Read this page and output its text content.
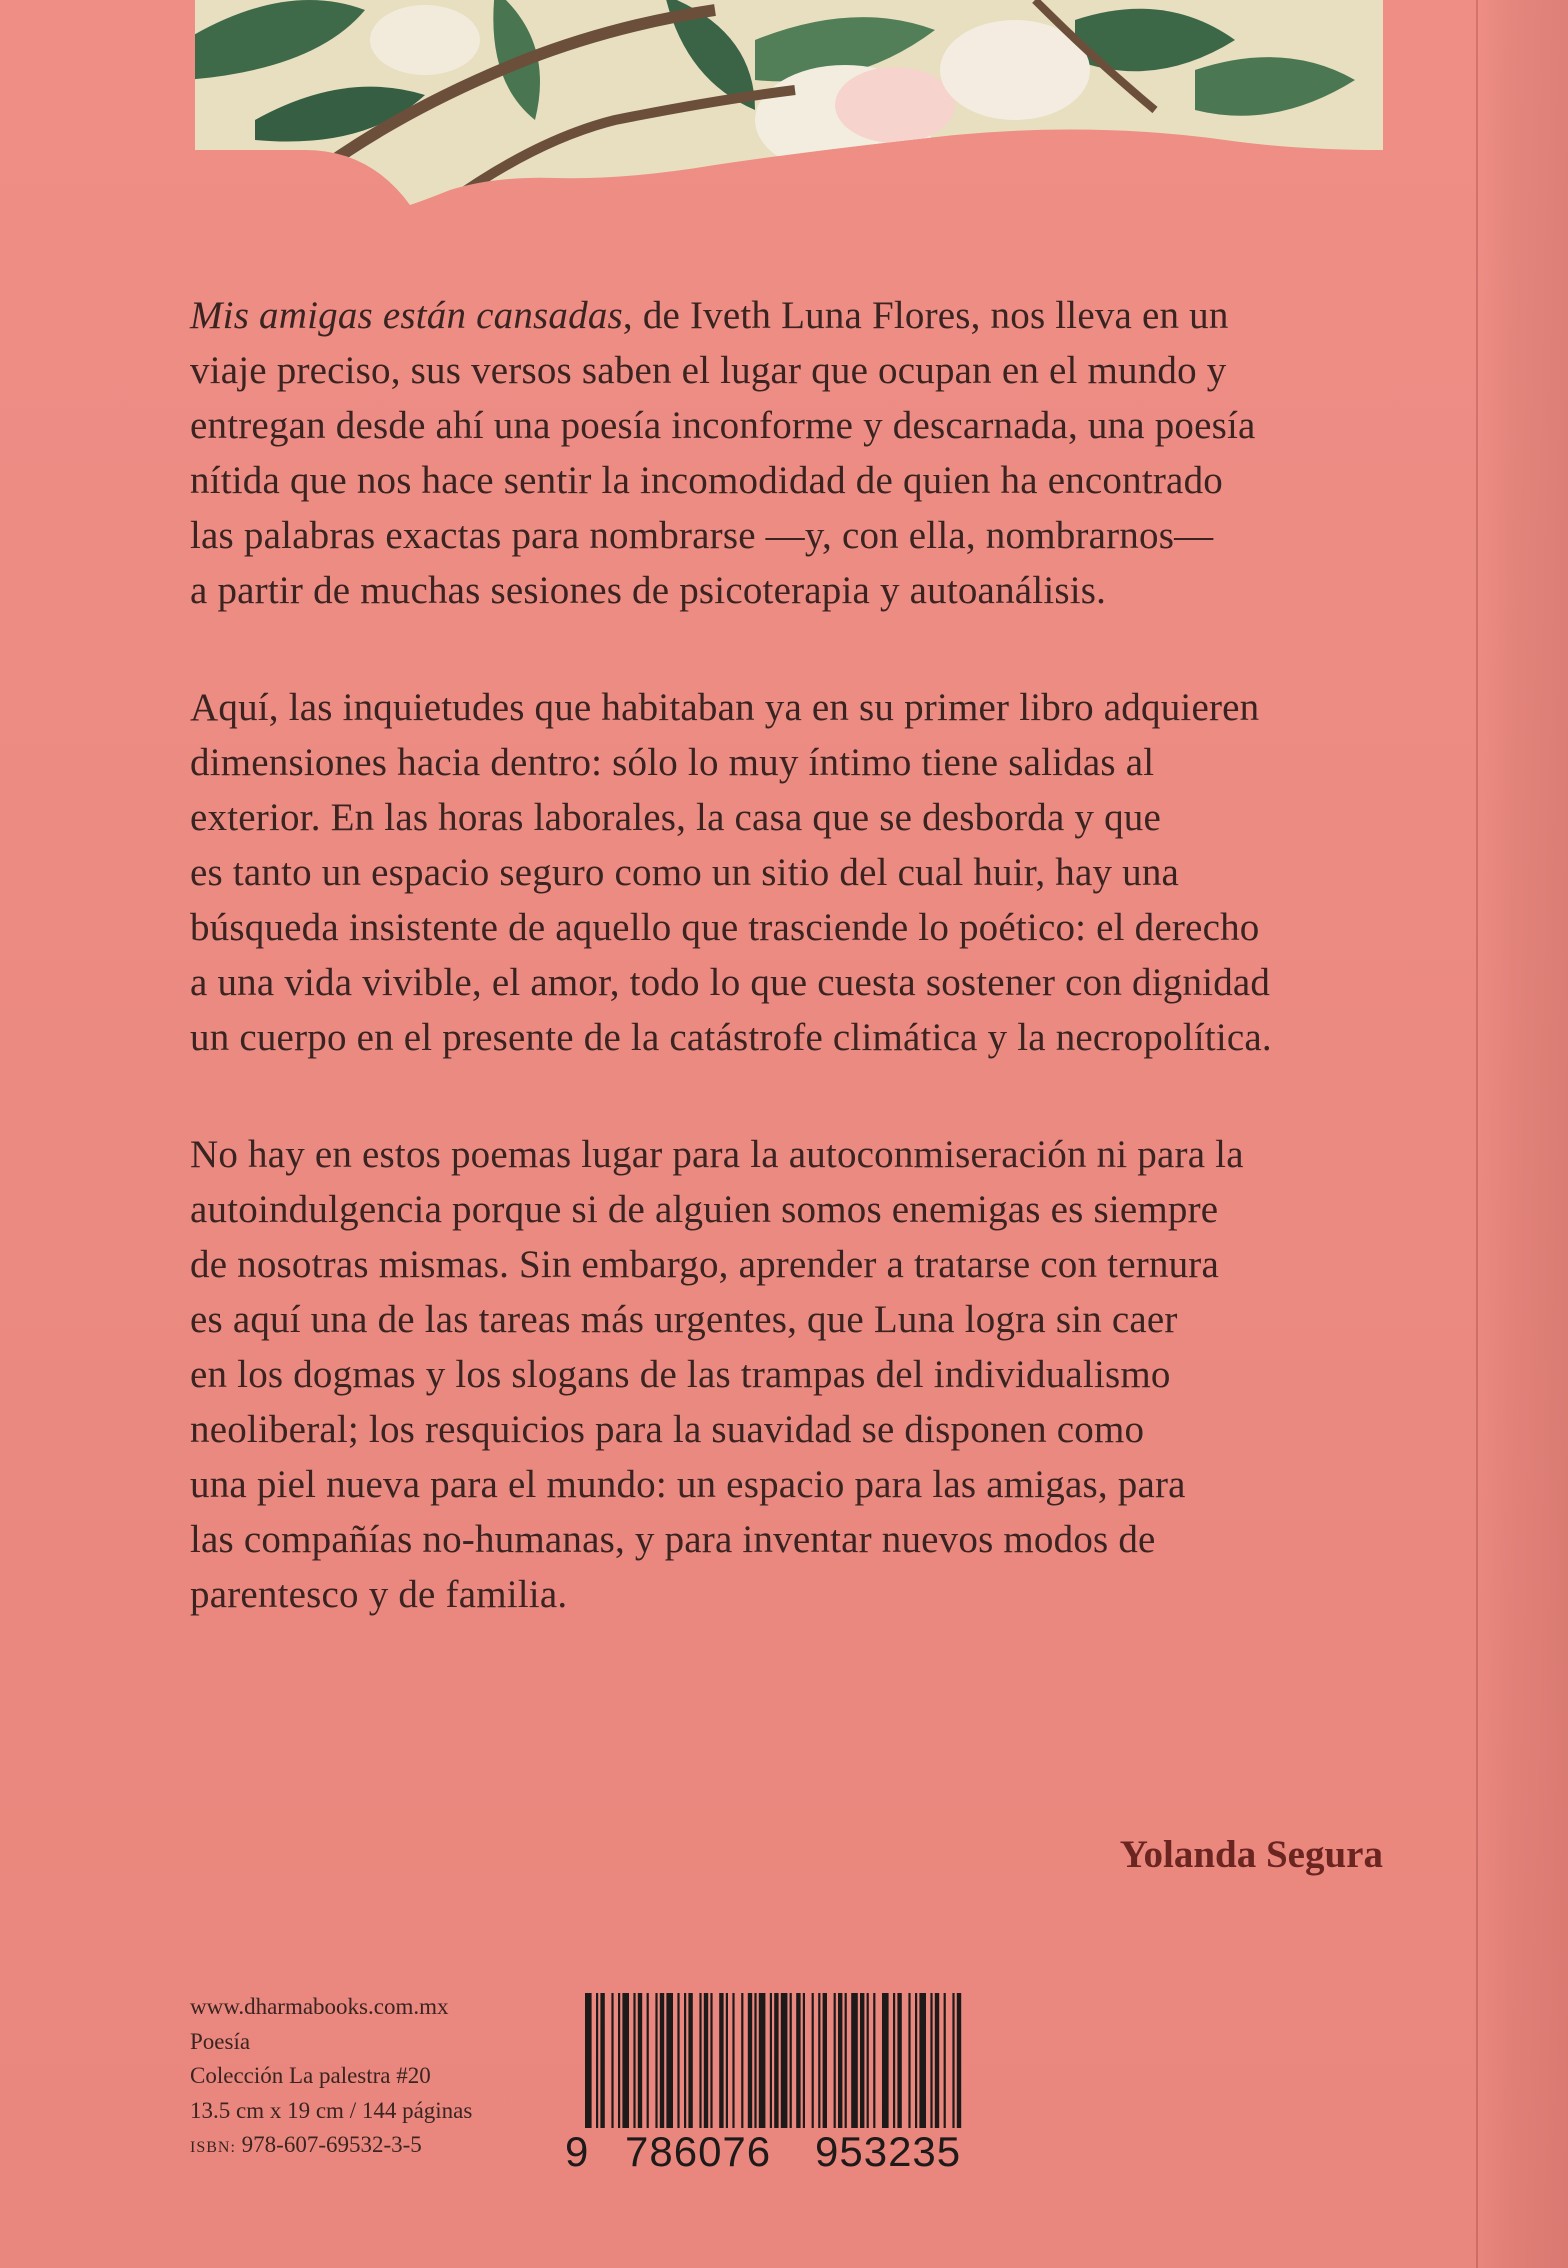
Mis amigas están cansadas, de Iveth Luna Flores, nos lleva en un
viaje preciso, sus versos saben el lugar que ocupan en el mundo y
entregan desde ahí una poesía inconforme y descarnada, una poesía
nítida que nos hace sentir la incomodidad de quien ha encontrado
las palabras exactas para nombrarse —y, con ella, nombrarnos—
a partir de muchas sesiones de psicoterapia y autoanálisis.

Aquí, las inquietudes que habitaban ya en su primer libro adquieren
dimensiones hacia dentro: sólo lo muy íntimo tiene salidas al
exterior. En las horas laborales, la casa que se desborda y que
es tanto un espacio seguro como un sitio del cual huir, hay una
búsqueda insistente de aquello que trasciende lo poético: el derecho
a una vida vivible, el amor, todo lo que cuesta sostener con dignidad
un cuerpo en el presente de la catástrofe climática y la necropolítica.

No hay en estos poemas lugar para la autoconmiseración ni para la
autoindulgencia porque si de alguien somos enemigas es siempre
de nosotras mismas. Sin embargo, aprender a tratarse con ternura
es aquí una de las tareas más urgentes, que Luna logra sin caer
en los dogmas y los slogans de las trampas del individualismo
neoliberal; los resquicios para la suavidad se disponen como
una piel nueva para el mundo: un espacio para las amigas, para
las compañías no-humanas, y para inventar nuevos modos de
parentesco y de familia.

Yolanda Segura
www.dharmabooks.com.mx
Poesía
Colección La palestra #20
13.5 cm x 19 cm / 144 páginas
ISBN: 978-607-69532-3-5	9 786076 953235
